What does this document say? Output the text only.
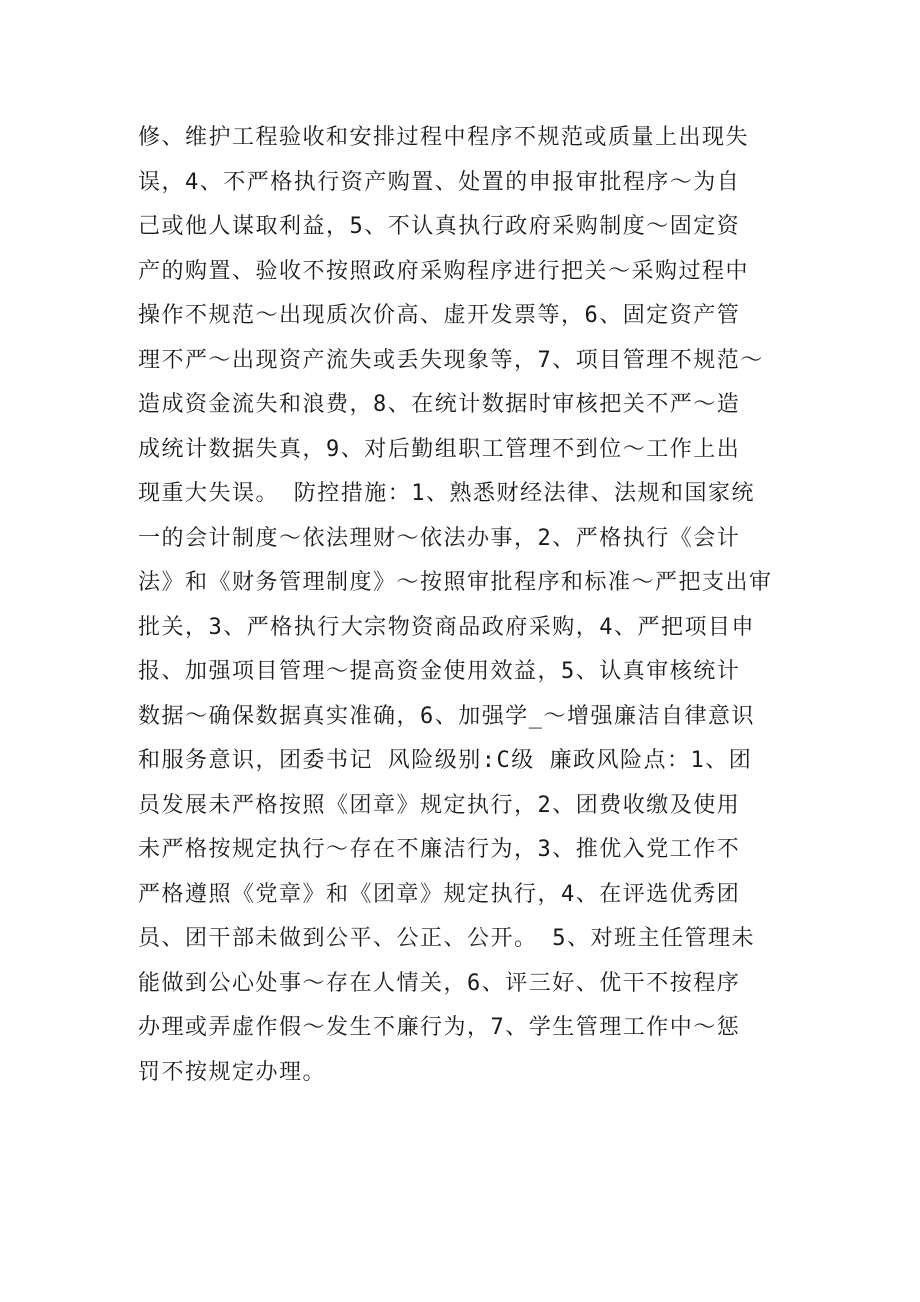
修、维护工程验收和安排过程中程序不规范或质量上出现失
误，4、不严格执行资产购置、处置的申报审批程序～为自
己或他人谋取利益，5、不认真执行政府采购制度～固定资
产的购置、验收不按照政府采购程序进行把关～采购过程中
操作不规范～出现质次价高、虚开发票等，6、固定资产管
理不严～出现资产流失或丢失现象等，7、项目管理不规范～
造成资金流失和浪费，8、在统计数据时审核把关不严～造
成统计数据失真，9、对后勤组职工管理不到位～工作上出
现重大失误。 防控措施：1、熟悉财经法律、法规和国家统
一的会计制度～依法理财～依法办事，2、严格执行《会计
法》和《财务管理制度》～按照审批程序和标准～严把支出审
批关，3、严格执行大宗物资商品政府采购，4、严把项目申
报、加强项目管理～提高资金使用效益，5、认真审核统计
数据～确保数据真实准确，6、加强学_～增强廉洁自律意识
和服务意识，团委书记 风险级别:C级 廉政风险点：1、团
员发展未严格按照《团章》规定执行，2、团费收缴及使用
未严格按规定执行～存在不廉洁行为，3、推优入党工作不
严格遵照《党章》和《团章》规定执行，4、在评选优秀团
员、团干部未做到公平、公正、公开。 5、对班主任管理未
能做到公心处事～存在人情关，6、评三好、优干不按程序
办理或弄虚作假～发生不廉行为，7、学生管理工作中～惩
罚不按规定办理。
